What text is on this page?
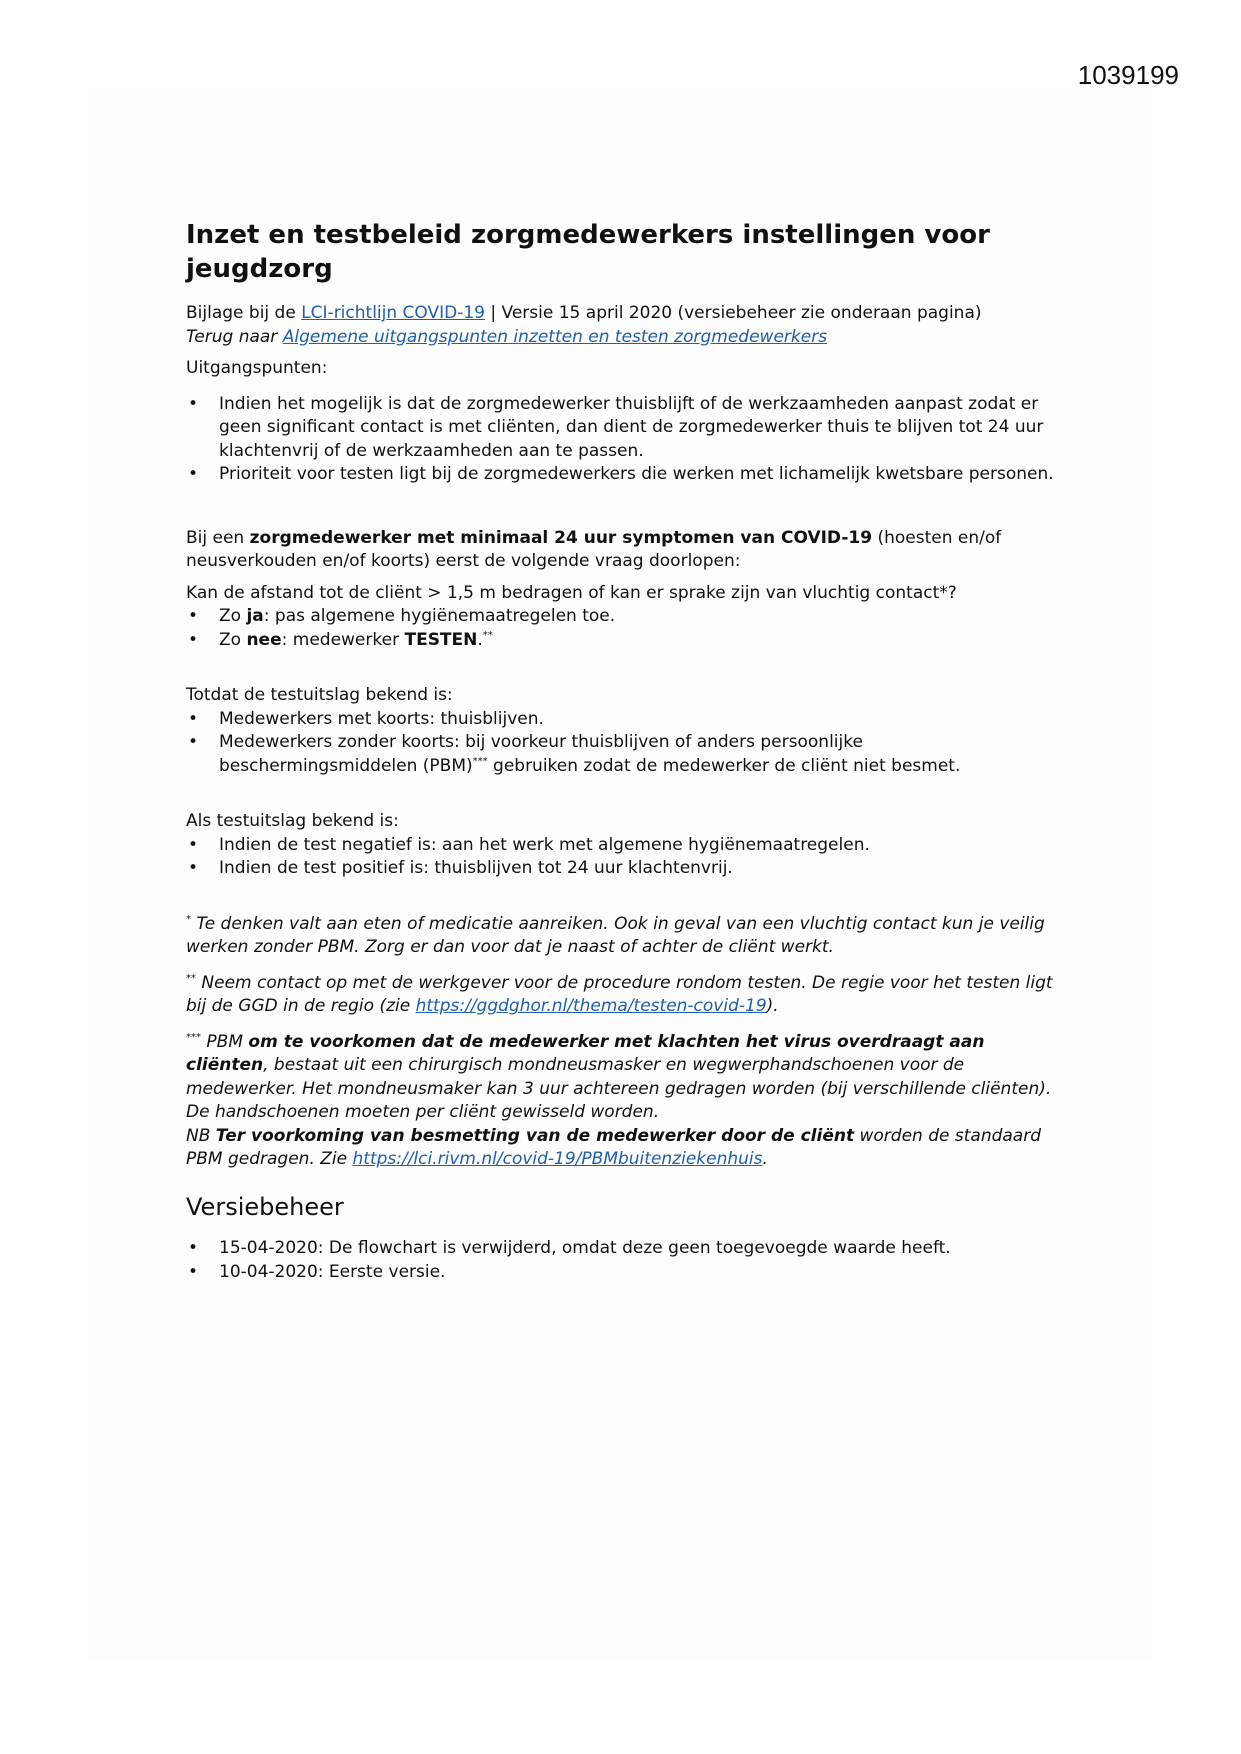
1039199
Inzet en testbeleid zorgmedewerkers instellingen voor jeugdzorg

Bijlage bij de LCI-richtlijn COVID-19 | Versie 15 april 2020 (versiebeheer zie onderaan pagina)

Terug naar Algemene uitgangspunten inzetten en testen zorgmedewerkers

Uitgangspunten:

• Indien het mogelijk is dat de zorgmedewerker thuisblijft of de werkzaamheden aanpast zodat er geen significant contact is met cliënten, dan dient de zorgmedewerker thuis te blijven tot 24 uur klachtenvrij of de werkzaamheden aan te passen.
• Prioriteit voor testen ligt bij de zorgmedewerkers die werken met lichamelijk kwetsbare personen.

Bij een zorgmedewerker met minimaal 24 uur symptomen van COVID-19 (hoesten en/of neusverkouden en/of koorts) eerst de volgende vraag doorlopen:

Kan de afstand tot de cliënt > 1,5 m bedragen of kan er sprake zijn van vluchtig contact*?

• Zo ja: pas algemene hygiënemaatregelen toe.
• Zo nee: medewerker TESTEN.**

Totdat de testuitslag bekend is:

• Medewerkers met koorts: thuisblijven.
• Medewerkers zonder koorts: bij voorkeur thuisblijven of anders persoonlijke beschermingsmiddelen (PBM)*** gebruiken zodat de medewerker de cliënt niet besmet.

Als testuitslag bekend is:

• Indien de test negatief is: aan het werk met algemene hygiënemaatregelen.
• Indien de test positief is: thuisblijven tot 24 uur klachtenvrij.

* Te denken valt aan eten of medicatie aanreiken. Ook in geval van een vluchtig contact kun je veilig werken zonder PBM. Zorg er dan voor dat je naast of achter de cliënt werkt.

** Neem contact op met de werkgever voor de procedure rondom testen. De regie voor het testen ligt bij de GGD in de regio (zie https://ggdghor.nl/thema/testen-covid-19).

*** PBM om te voorkomen dat de medewerker met klachten het virus overdraagt aan cliënten, bestaat uit een chirurgisch mondneusmasker en wegwerphandschoenen voor de medewerker. Het mondneusmaker kan 3 uur achtereen gedragen worden (bij verschillende cliënten). De handschoenen moeten per cliënt gewisseld worden.
NB Ter voorkoming van besmetting van de medewerker door de cliënt worden de standaard PBM gedragen. Zie https://lci.rivm.nl/covid-19/PBMbuitenziekenhuis.

Versiebeheer
• 15-04-2020: De flowchart is verwijderd, omdat deze geen toegevoegde waarde heeft.
• 10-04-2020: Eerste versie.
